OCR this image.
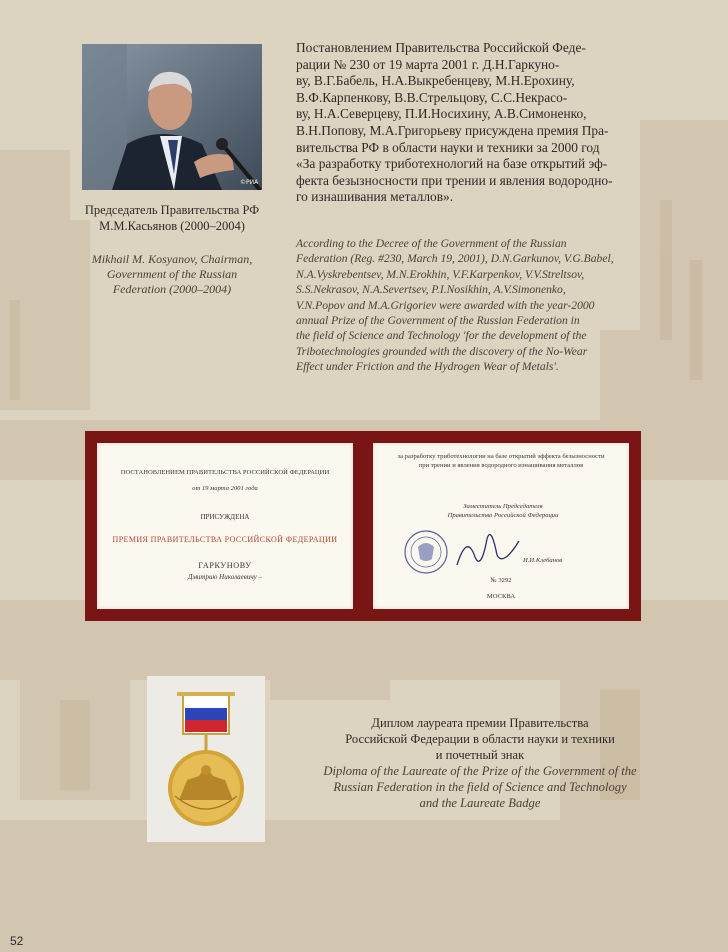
©РИА
Председатель Правительства РФ
М.М.Касьянов (2000–2004)
Mikhail M. Kosyanov, Chairman,
Government of the Russian
Federation (2000–2004)
Постановлением Правительства Российской Феде-
рации № 230 от 19 марта 2001 г. Д.Н.Гаркуно-
ву, В.Г.Бабель, Н.А.Выкребенцеву, М.Н.Ерохину,
В.Ф.Карпенкову, В.В.Стрельцову, С.С.Некрасо-
ву, Н.А.Северцеву, П.И.Носихину, А.В.Симоненко,
В.Н.Попову, М.А.Григорьеву присуждена премия Пра-
вительства РФ в области науки и техники за 2000 год
«За разработку триботехнологий на базе открытий эф-
фекта безызносности при трении и явления водородно-
го изнашивания металлов».
According to the Decree of the Government of the Russian
Federation (Reg. #230, March 19, 2001), D.N.Garkunov, V.G.Babel,
N.A.Vyskrebentsev, M.N.Erokhin, V.F.Karpenkov, V.V.Streltsov,
S.S.Nekrasov, N.A.Severtsev, P.I.Nosikhin, A.V.Simonenko,
V.N.Popov and M.A.Grigoriev were awarded with the year-2000
annual Prize of the Government of the Russian Federation in
the field of Science and Technology 'for the development of the
Tribotechnologies grounded with the discovery of the No-Wear
Effect under Friction and the Hydrogen Wear of Metals'.
ПОСТАНОВЛЕНИЕМ ПРАВИТЕЛЬСТВА РОССИЙСКОЙ ФЕДЕРАЦИИ
от 19 марта 2001 года
ПРИСУЖДЕНА
ПРЕМИЯ ПРАВИТЕЛЬСТВА РОССИЙСКОЙ ФЕДЕРАЦИИ
ГАРКУНОВУ
Дмитрию Николаевичу –
за разработку триботехнологии на базе открытий эффекта безызносности
при трении и явления водородного изнашивания металлов
Заместитель Председателя
Правительства Российской Федерации
И.И.Клебанов
№ 3292
МОСКВА
Диплом лауреата премии Правительства
Российской Федерации в области науки и техники
и почетный знак
Diploma of the Laureate of the Prize of the Government of the
Russian Federation in the field of Science and Technology
and the Laureate Badge
52
